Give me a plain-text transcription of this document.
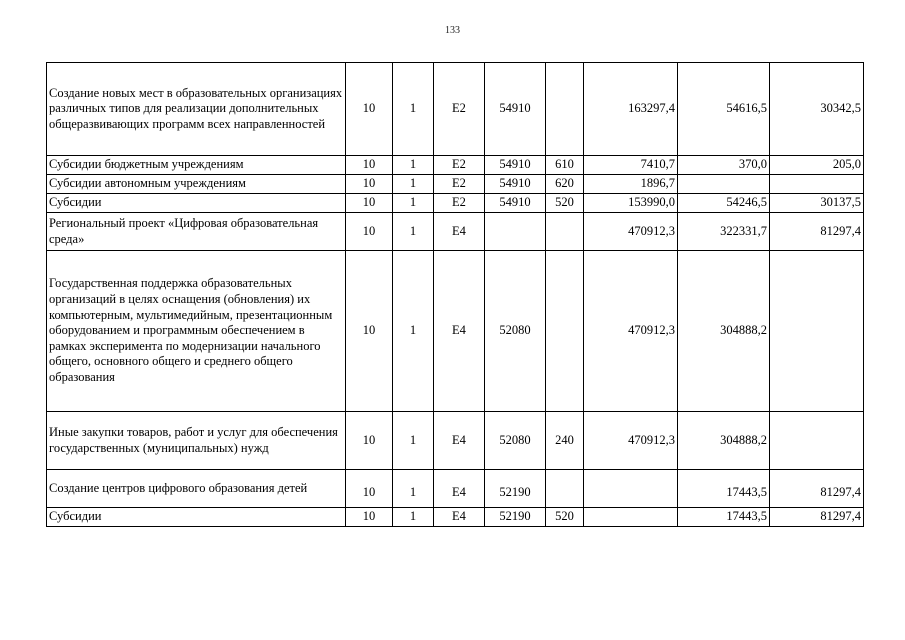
133
Создание новых мест в образовательных организациях различных типов для реализации дополнительных общеразвивающих программ всех направленностей	10	1	E2	54910		163297,4	54616,5	30342,5
Субсидии бюджетным учреждениям	10	1	E2	54910	610	7410,7	370,0	205,0
Субсидии автономным учреждениям	10	1	E2	54910	620	1896,7		
Субсидии	10	1	E2	54910	520	153990,0	54246,5	30137,5
Региональный проект «Цифровая образовательная среда»	10	1	E4			470912,3	322331,7	81297,4
Государственная поддержка образовательных организаций в целях оснащения (обновления) их компьютерным, мультимедийным, презентационным оборудованием и программным обеспечением в рамках эксперимента по модернизации начального общего, основного общего и среднего общего образования	10	1	E4	52080		470912,3	304888,2	
Иные закупки товаров, работ и услуг для обеспечения государственных (муниципальных) нужд	10	1	E4	52080	240	470912,3	304888,2	
Создание центров цифрового образования детей	10	1	E4	52190			17443,5	81297,4
Субсидии	10	1	E4	52190	520		17443,5	81297,4
